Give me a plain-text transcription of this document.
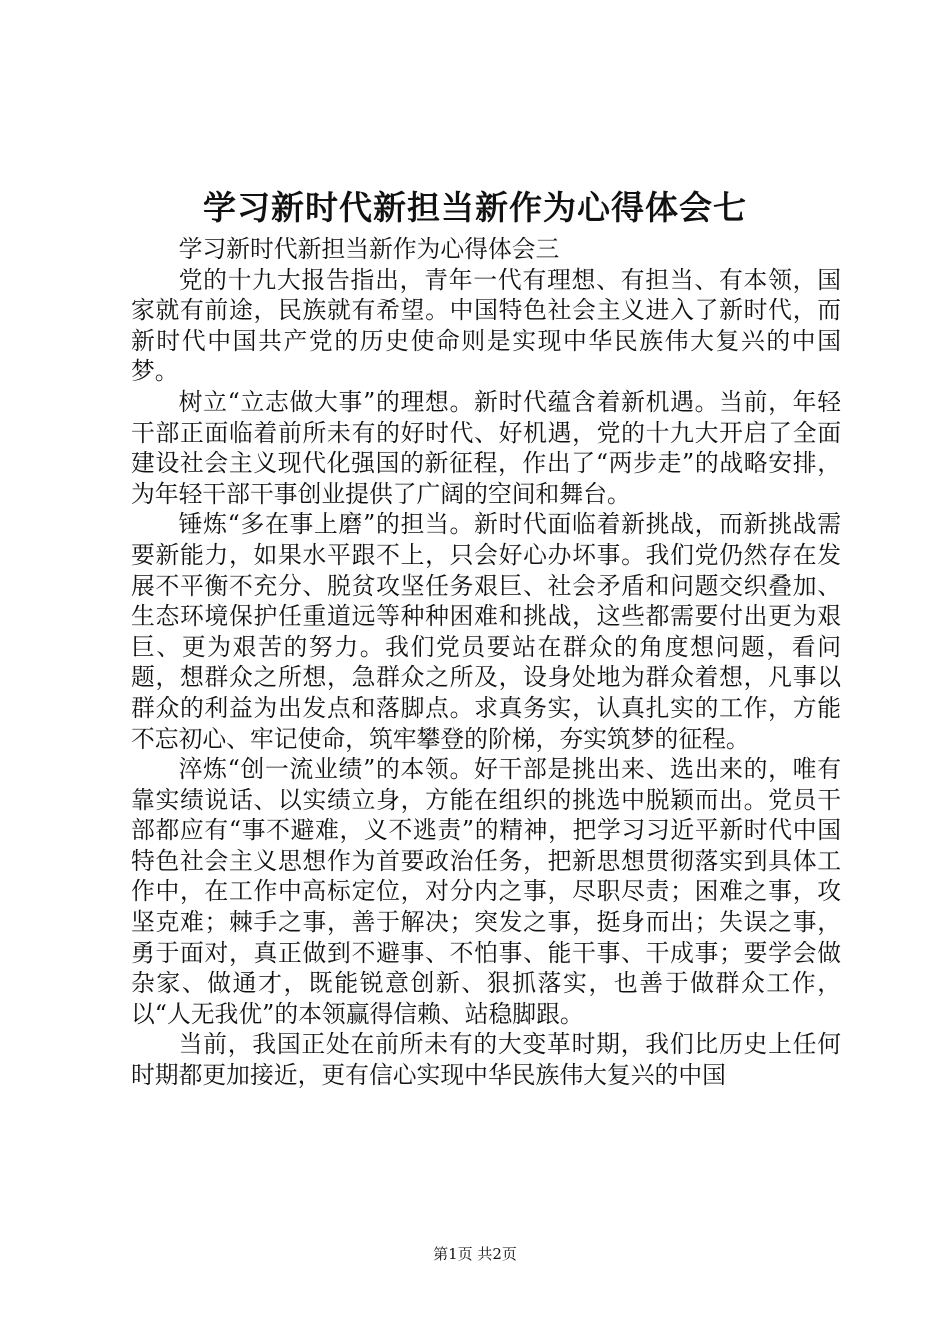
学习新时代新担当新作为心得体会七

学习新时代新担当新作为心得体会三

党的十九大报告指出，青年一代有理想、有担当、有本领，国家就有前途，民族就有希望。中国特色社会主义进入了新时代，而新时代中国共产党的历史使命则是实现中华民族伟大复兴的中国梦。

树立“立志做大事”的理想。新时代蕴含着新机遇。当前，年轻干部正面临着前所未有的好时代、好机遇，党的十九大开启了全面建设社会主义现代化强国的新征程，作出了“两步走”的战略安排，为年轻干部干事创业提供了广阔的空间和舞台。

锤炼“多在事上磨”的担当。新时代面临着新挑战，而新挑战需要新能力，如果水平跟不上，只会好心办坏事。我们党仍然存在发展不平衡不充分、脱贫攻坚任务艰巨、社会矛盾和问题交织叠加、生态环境保护任重道远等种种困难和挑战，这些都需要付出更为艰巨、更为艰苦的努力。我们党员要站在群众的角度想问题，看问题，想群众之所想，急群众之所及，设身处地为群众着想，凡事以群众的利益为出发点和落脚点。求真务实，认真扎实的工作，方能不忘初心、牢记使命，筑牢攀登的阶梯，夯实筑梦的征程。

淬炼“创一流业绩”的本领。好干部是挑出来、选出来的，唯有靠实绩说话、以实绩立身，方能在组织的挑选中脱颖而出。党员干部都应有“事不避难，义不逃责”的精神，把学习习近平新时代中国特色社会主义思想作为首要政治任务，把新思想贯彻落实到具体工作中，在工作中高标定位，对分内之事，尽职尽责；困难之事，攻坚克难；棘手之事，善于解决；突发之事，挺身而出；失误之事，勇于面对，真正做到不避事、不怕事、能干事、干成事；要学会做杂家、做通才，既能锐意创新、狠抓落实，也善于做群众工作，以“人无我优”的本领赢得信赖、站稳脚跟。

当前，我国正处在前所未有的大变革时期，我们比历史上任何时期都更加接近，更有信心实现中华民族伟大复兴的中国

第1页 共2页
